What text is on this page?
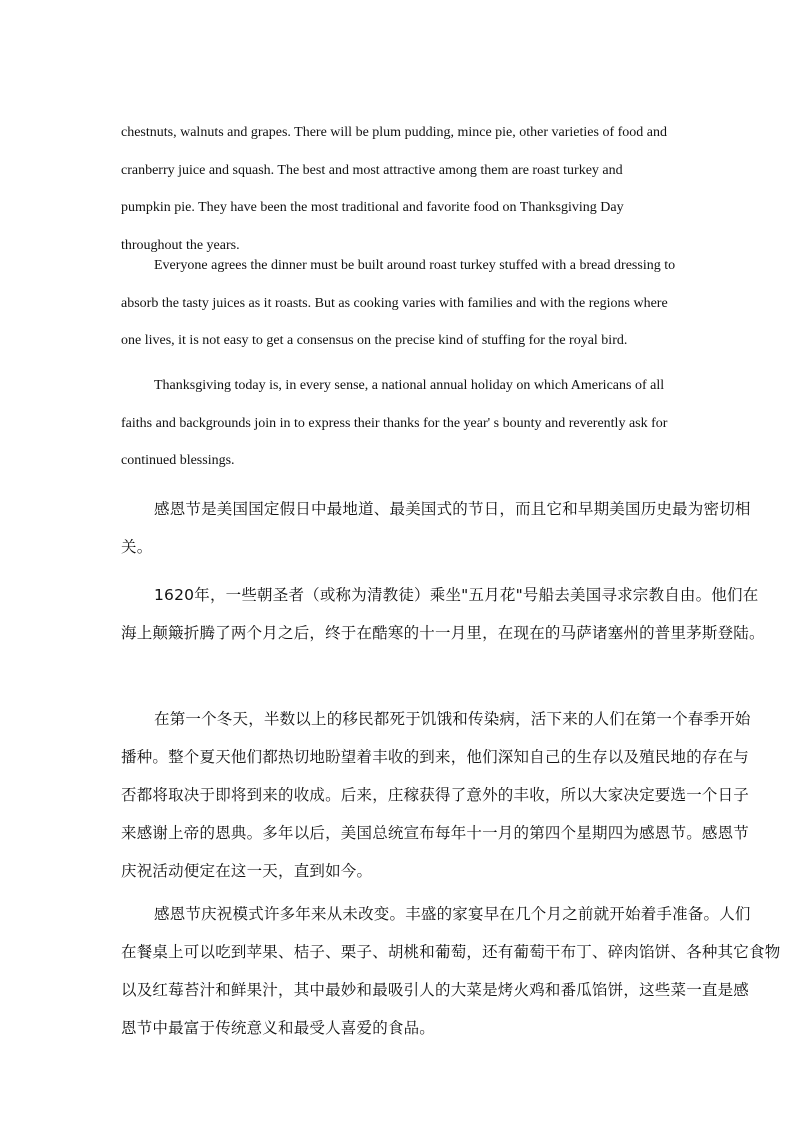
chestnuts, walnuts and grapes. There will be plum pudding, mince pie, other varieties of food and
cranberry juice and squash. The best and most attractive among them are roast turkey and
pumpkin pie. They have been the most traditional and favorite food on Thanksgiving Day
throughout the years.
Everyone agrees the dinner must be built around roast turkey stuffed with a bread dressing to
absorb the tasty juices as it roasts. But as cooking varies with families and with the regions where
one lives, it is not easy to get a consensus on the precise kind of stuffing for the royal bird.
Thanksgiving today is, in every sense, a national annual holiday on which Americans of all
faiths and backgrounds join in to express their thanks for the year' s bounty and reverently ask for
continued blessings.
感恩节是美国国定假日中最地道、最美国式的节日，而且它和早期美国历史最为密切相
关。
1620年，一些朝圣者（或称为清教徒）乘坐"五月花"号船去美国寻求宗教自由。他们在
海上颠簸折腾了两个月之后，终于在酷寒的十一月里，在现在的马萨诸塞州的普里茅斯登陆。
在第一个冬天，半数以上的移民都死于饥饿和传染病，活下来的人们在第一个春季开始
播种。整个夏天他们都热切地盼望着丰收的到来，他们深知自己的生存以及殖民地的存在与
否都将取决于即将到来的收成。后来，庄稼获得了意外的丰收，所以大家决定要选一个日子
来感谢上帝的恩典。多年以后，美国总统宣布每年十一月的第四个星期四为感恩节。感恩节
庆祝活动便定在这一天，直到如今。
感恩节庆祝模式许多年来从未改变。丰盛的家宴早在几个月之前就开始着手准备。人们
在餐桌上可以吃到苹果、桔子、栗子、胡桃和葡萄，还有葡萄干布丁、碎肉馅饼、各种其它食物
以及红莓苔汁和鲜果汁，其中最妙和最吸引人的大菜是烤火鸡和番瓜馅饼，这些菜一直是感
恩节中最富于传统意义和最受人喜爱的食品。
